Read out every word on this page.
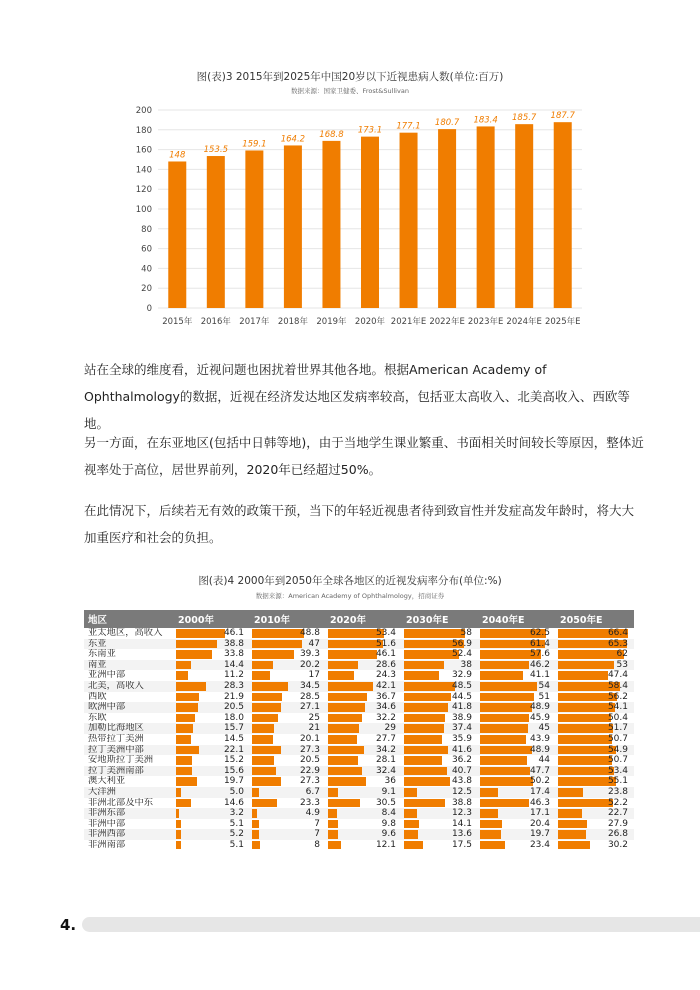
图(表)3 2015年到2025年中国20岁以下近视患病人数(单位:百万)
数据来源：国家卫健委、Frost&Sullivan
0
20
40
60
80
100
120
140
160
180
200
148
2015年
153.5
2016年
159.1
2017年
164.2
2018年
168.8
2019年
173.1
2020年
177.1
2021年E
180.7
2022年E
183.4
2023年E
185.7
2024年E
187.7
2025年E

站在全球的维度看，近视问题也困扰着世界其他各地。根据American Academy of Ophthalmology的数据，近视在经济发达地区发病率较高，包括亚太高收入、北美高收入、西欧等地。

另一方面，在东亚地区(包括中日韩等地)，由于当地学生课业繁重、书面相关时间较长等原因，整体近视率处于高位，居世界前列，2020年已经超过50%。

在此情况下，后续若无有效的政策干预，当下的年轻近视患者待到致盲性并发症高发年龄时，将大大加重医疗和社会的负担。

图(表)4 2000年到2050年全球各地区的近视发病率分布(单位:%)
数据来源：American Academy of Ophthalmology，招商证券
地区	2000年	2010年	2020年	2030年E	2040年E	2050年E
亚太地区，高收入	46.1	48.8	53.4	58	62.5	66.4

东亚	38.8	47	51.6	56.9	61.4	65.3

东南亚	33.8	39.3	46.1	52.4	57.6	62

南亚	14.4	20.2	28.6	38	46.2	53

亚洲中部	11.2	17	24.3	32.9	41.1	47.4

北美，高收入	28.3	34.5	42.1	48.5	54	58.4

西欧	21.9	28.5	36.7	44.5	51	56.2

欧洲中部	20.5	27.1	34.6	41.8	48.9	54.1

东欧	18.0	25	32.2	38.9	45.9	50.4

加勒比海地区	15.7	21	29	37.4	45	51.7

热带拉丁美洲	14.5	20.1	27.7	35.9	43.9	50.7

拉丁美洲中部	22.1	27.3	34.2	41.6	48.9	54.9

安地斯拉丁美洲	15.2	20.5	28.1	36.2	44	50.7

拉丁美洲南部	15.6	22.9	32.4	40.7	47.7	53.4

澳大利亚	19.7	27.3	36	43.8	50.2	55.1

大洋洲	5.0	6.7	9.1	12.5	17.4	23.8

非洲北部及中东	14.6	23.3	30.5	38.8	46.3	52.2

非洲东部	3.2	4.9	8.4	12.3	17.1	22.7

非洲中部	5.1	7	9.8	14.1	20.4	27.9

非洲西部	5.2	7	9.6	13.6	19.7	26.8

非洲南部	5.1	8	12.1	17.5	23.4	30.2
4.
